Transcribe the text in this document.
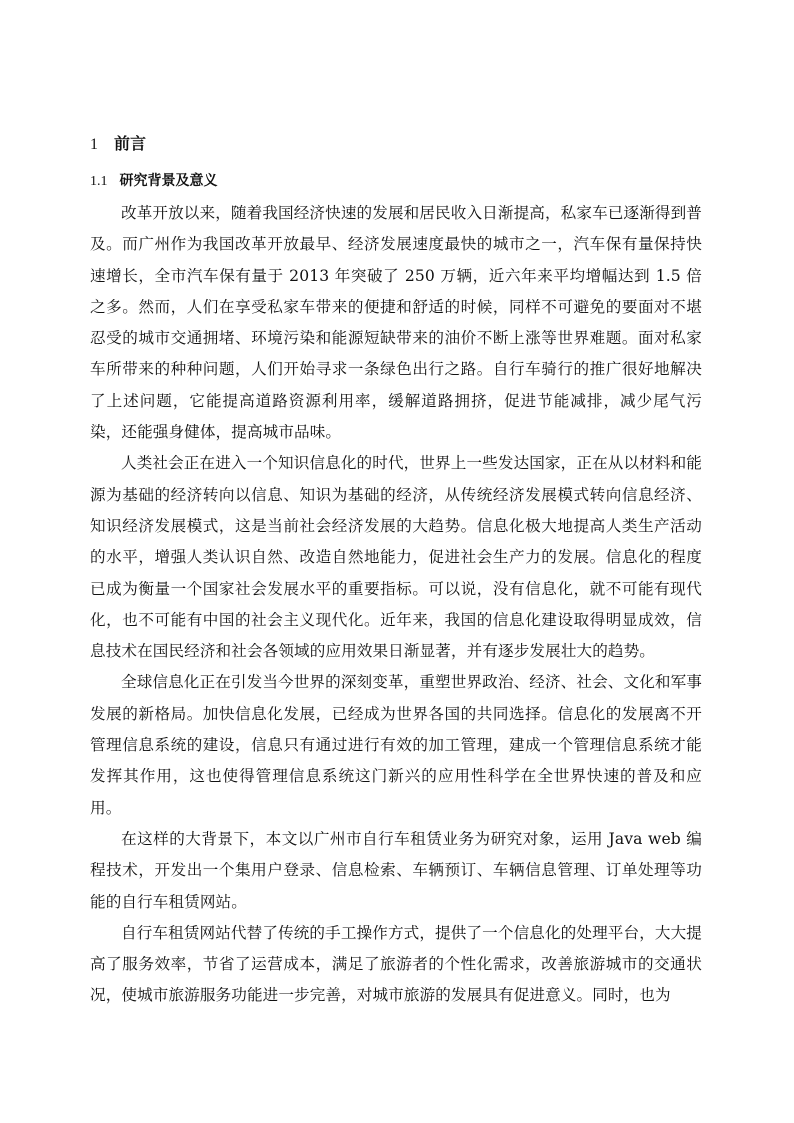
1 前言
1.1 研究背景及意义

改革开放以来，随着我国经济快速的发展和居民收入日渐提高，私家车已逐渐得到普及。而广州作为我国改革开放最早、经济发展速度最快的城市之一，汽车保有量保持快速增长，全市汽车保有量于 2013 年突破了 250 万辆，近六年来平均增幅达到 1.5 倍之多。然而，人们在享受私家车带来的便捷和舒适的时候，同样不可避免的要面对不堪忍受的城市交通拥堵、环境污染和能源短缺带来的油价不断上涨等世界难题。面对私家车所带来的种种问题，人们开始寻求一条绿色出行之路。自行车骑行的推广很好地解决了上述问题，它能提高道路资源利用率，缓解道路拥挤，促进节能减排，减少尾气污染，还能强身健体，提高城市品味。

人类社会正在进入一个知识信息化的时代，世界上一些发达国家，正在从以材料和能源为基础的经济转向以信息、知识为基础的经济，从传统经济发展模式转向信息经济、知识经济发展模式，这是当前社会经济发展的大趋势。信息化极大地提高人类生产活动的水平，增强人类认识自然、改造自然地能力，促进社会生产力的发展。信息化的程度已成为衡量一个国家社会发展水平的重要指标。可以说，没有信息化，就不可能有现代化，也不可能有中国的社会主义现代化。近年来，我国的信息化建设取得明显成效，信息技术在国民经济和社会各领域的应用效果日渐显著，并有逐步发展壮大的趋势。

全球信息化正在引发当今世界的深刻变革，重塑世界政治、经济、社会、文化和军事发展的新格局。加快信息化发展，已经成为世界各国的共同选择。信息化的发展离不开管理信息系统的建设，信息只有通过进行有效的加工管理，建成一个管理信息系统才能发挥其作用，这也使得管理信息系统这门新兴的应用性科学在全世界快速的普及和应用。

在这样的大背景下，本文以广州市自行车租赁业务为研究对象，运用 Java web 编程技术，开发出一个集用户登录、信息检索、车辆预订、车辆信息管理、订单处理等功能的自行车租赁网站。

自行车租赁网站代替了传统的手工操作方式，提供了一个信息化的处理平台，大大提高了服务效率，节省了运营成本，满足了旅游者的个性化需求，改善旅游城市的交通状况，使城市旅游服务功能进一步完善，对城市旅游的发展具有促进意义。同时，也为
